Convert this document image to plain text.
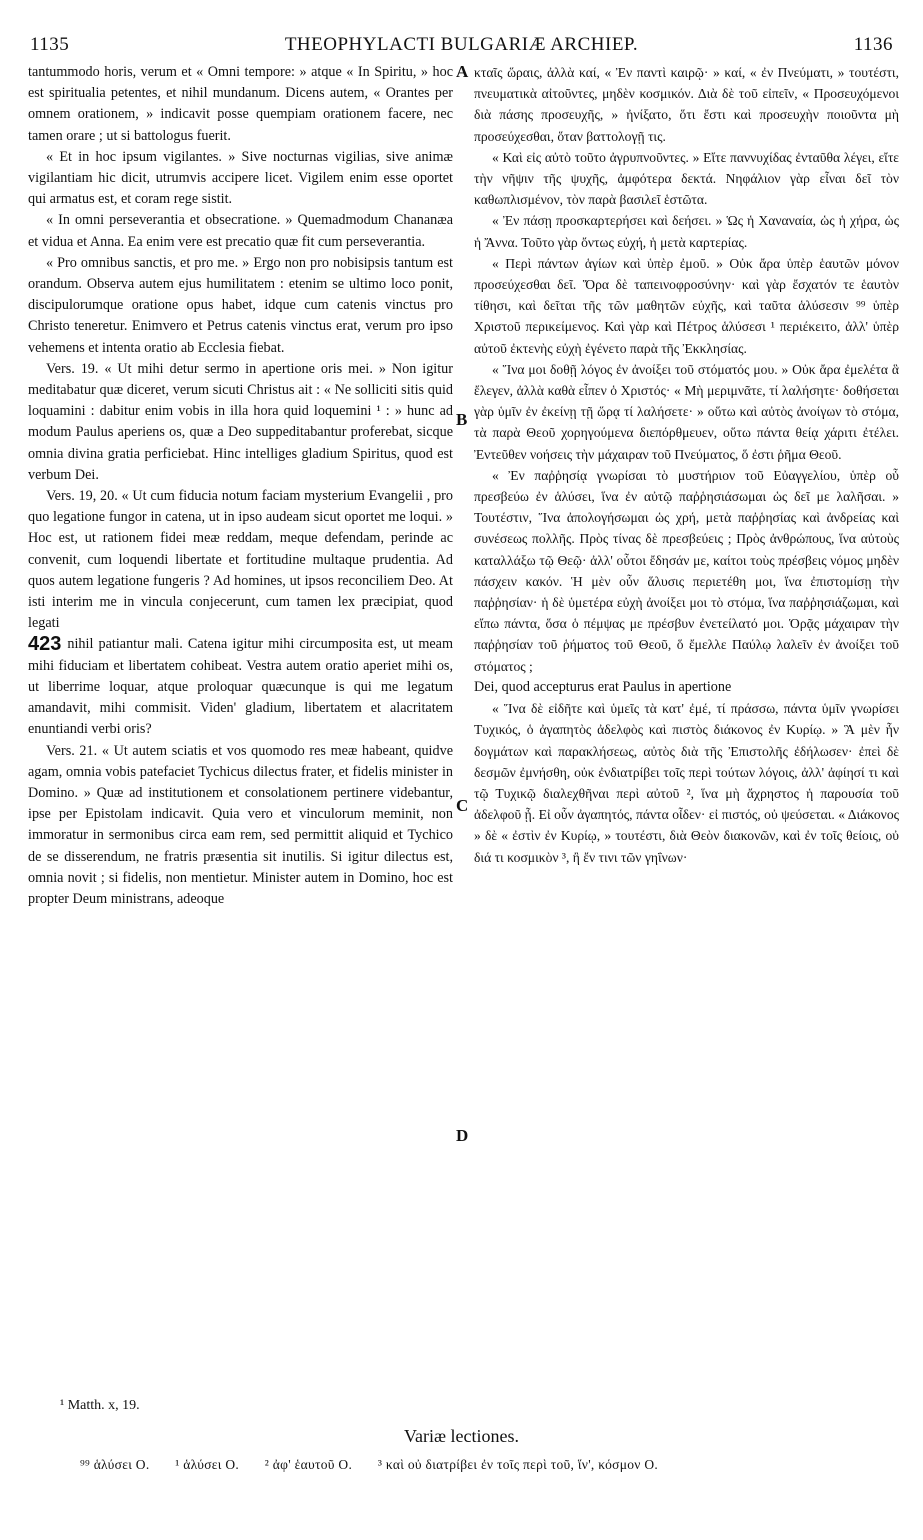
1135	THEOPHYLACTI BULGARIÆ ARCHIEP.	1136

tantummodo horis, verum et « Omni tempore: » atque « In Spiritu, » hoc est spiritualia petentes, et nihil mundanum. Dicens autem, « Orantes per omnem orationem, » indicavit posse quempiam orationem facere, nec tamen orare ; ut si battologus fuerit.

« Et in hoc ipsum vigilantes. » Sive nocturnas vigilias, sive animæ vigilantiam hic dicit, utrumvis accipere licet. Vigilem enim esse oportet qui armatus est, et coram rege sistit.

« In omni perseverantia et obsecratione. » Quemadmodum Chananæa et vidua et Anna. Ea enim vere est precatio quæ fit cum perseverantia.

« Pro omnibus sanctis, et pro me. » Ergo non pro nobisipsis tantum est orandum. Observa autem ejus humilitatem : etenim se ultimo loco ponit, discipulorumque oratione opus habet, idque cum catenis vinctus pro Christo teneretur. Enimvero et Petrus catenis vinctus erat, verum pro ipso vehemens et intenta oratio ab Ecclesia fiebat.

Vers. 19. « Ut mihi detur sermo in apertione oris mei. » Non igitur meditabatur quæ diceret, verum sicuti Christus ait : « Ne solliciti sitis quid loquamini : dabitur enim vobis in illa hora quid loquemini ¹ : » hunc ad modum Paulus aperiens os, quæ a Deo suppeditabantur proferebat, sicque omnia divina gratia perficiebat. Hinc intelliges gladium Spiritus, quod est verbum Dei.

Vers. 19, 20. « Ut cum fiducia notum faciam mysterium Evangelii , pro quo legatione fungor in catena, ut in ipso audeam sicut oportet me loqui. » Hoc est, ut rationem fidei meæ reddam, meque defendam, perinde ac convenit, cum loquendi libertate et fortitudine multaque prudentia. Ad quos autem legatione fungeris ? Ad homines, ut ipsos reconciliem Deo. At isti interim me in vincula conjecerunt, cum tamen lex præcipiat, quod legati

423 nihil patiantur mali. Catena igitur mihi circumposita est, ut meam mihi fiduciam et libertatem cohibeat. Vestra autem oratio aperiet mihi os, ut liberrime loquar, atque proloquar quæcunque is qui me legatum amandavit, mihi commisit. Viden' gladium, libertatem et alacritatem enuntiandi verbi oris?

Vers. 21. « Ut autem sciatis et vos quomodo res meæ habeant, quidve agam, omnia vobis patefaciet Tychicus dilectus frater, et fidelis minister in Domino. » Quæ ad institutionem et consolationem pertinere videbantur, ipse per Epistolam indicavit. Quia vero et vinculorum meminit, non immoratur in sermonibus circa eam rem, sed permittit aliquid et Tychico de se disserendum, ne fratris præsentia sit inutilis. Si igitur dilectus est, omnia novit ; si fidelis, non mentietur. Minister autem in Domino, hoc est propter Deum ministrans, adeoque

A
B
C
D

κταῖς ὥραις, ἀλλὰ καί, « Ἐν παντὶ καιρῷ· » καί, « ἐν Πνεύματι, » τουτέστι, πνευματικὰ αἰτοῦντες, μηδὲν κοσμικόν. Διὰ δὲ τοῦ εἰπεῖν, « Προσευχόμενοι διὰ πάσης προσευχῆς, » ἠνίξατο, ὅτι ἔστι καὶ προσευχὴν ποιοῦντα μὴ προσεύχεσθαι, ὅταν βαττολογῇ τις.

« Καὶ εἰς αὐτὸ τοῦτο ἀγρυπνοῦντες. » Εἴτε παννυχίδας ἐνταῦθα λέγει, εἴτε τὴν νῆψιν τῆς ψυχῆς, ἀμφότερα δεκτά. Νηφάλιον γὰρ εἶναι δεῖ τὸν καθωπλισμένον, τὸν παρὰ βασιλεῖ ἑστῶτα.

« Ἐν πάσῃ προσκαρτερήσει καὶ δεήσει. » Ὡς ἡ Χαναναία, ὡς ἡ χήρα, ὡς ἡ Ἄννα. Τοῦτο γὰρ ὄντως εὐχή, ἡ μετὰ καρτερίας.

« Περὶ πάντων ἁγίων καὶ ὑπὲρ ἐμοῦ. » Οὐκ ἄρα ὑπὲρ ἑαυτῶν μόνον προσεύχεσθαι δεῖ. Ὅρα δὲ ταπεινοφροσύνην· καὶ γὰρ ἔσχατόν τε ἑαυτὸν τίθησι, καὶ δεῖται τῆς τῶν μαθητῶν εὐχῆς, καὶ ταῦτα ἁλύσεσιν ⁹⁹ ὑπὲρ Χριστοῦ περικείμενος. Καὶ γὰρ καὶ Πέτρος ἁλύσεσι ¹ περιέκειτο, ἀλλ' ὑπὲρ αὐτοῦ ἐκτενὴς εὐχὴ ἐγένετο παρὰ τῆς Ἐκκλησίας.

« Ἵνα μοι δοθῇ λόγος ἐν ἀνοίξει τοῦ στόματός μου. » Οὐκ ἄρα ἐμελέτα ἃ ἔλεγεν, ἀλλὰ καθὰ εἶπεν ὁ Χριστός· « Μὴ μεριμνᾶτε, τί λαλήσητε· δοθήσεται γὰρ ὑμῖν ἐν ἐκείνῃ τῇ ὥρᾳ τί λαλήσετε· » οὕτω καὶ αὐτὸς ἀνοίγων τὸ στόμα, τὰ παρὰ Θεοῦ χορηγούμενα διεπόρθμευεν, οὕτω πάντα θείᾳ χάριτι ἐτέλει. Ἐντεῦθεν νοήσεις τὴν μάχαιραν τοῦ Πνεύματος, ὅ ἐστι ῥῆμα Θεοῦ.

« Ἐν παῤῥησίᾳ γνωρίσαι τὸ μυστήριον τοῦ Εὐαγγελίου, ὑπὲρ οὗ πρεσβεύω ἐν ἁλύσει, ἵνα ἐν αὐτῷ παῤῥησιάσωμαι ὡς δεῖ με λαλῆσαι. » Τουτέστιν, Ἵνα ἀπολογήσωμαι ὡς χρή, μετὰ παῤῥησίας καὶ ἀνδρείας καὶ συνέσεως πολλῆς. Πρὸς τίνας δὲ πρεσβεύεις ; Πρὸς ἀνθρώπους, ἵνα αὐτοὺς καταλλάξω τῷ Θεῷ· ἀλλ' οὗτοι ἔδησάν με, καίτοι τοὺς πρέσβεις νόμος μηδὲν πάσχειν κακόν. Ἡ μὲν οὖν ἅλυσις περιετέθη μοι, ἵνα ἐπιστομίσῃ τὴν παῤῥησίαν· ἡ δὲ ὑμετέρα εὐχὴ ἀνοίξει μοι τὸ στόμα, ἵνα παῤῥησιάζωμαι, καὶ εἴπω πάντα, ὅσα ὁ πέμψας με πρέσβυν ἐνετείλατό μοι. Ὁρᾷς μάχαιραν τὴν παῤῥησίαν τοῦ ῥήματος τοῦ Θεοῦ, ὅ ἔμελλε Παύλῳ λαλεῖν ἐν ἀνοίξει τοῦ στόματος ;

Dei, quod accepturus erat Paulus in apertione

« Ἵνα δὲ εἰδῆτε καὶ ὑμεῖς τὰ κατ' ἐμέ, τί πράσσω, πάντα ὑμῖν γνωρίσει Τυχικός, ὁ ἀγαπητὸς ἀδελφὸς καὶ πιστὸς διάκονος ἐν Κυρίῳ. » Ἃ μὲν ἦν δογμάτων καὶ παρακλήσεως, αὐτὸς διὰ τῆς Ἐπιστολῆς ἐδήλωσεν· ἐπεὶ δὲ δεσμῶν ἐμνήσθη, οὐκ ἐνδιατρίβει τοῖς περὶ τούτων λόγοις, ἀλλ' ἀφίησί τι καὶ τῷ Τυχικῷ διαλεχθῆναι περὶ αὐτοῦ ², ἵνα μὴ ἄχρηστος ἡ παρουσία τοῦ ἀδελφοῦ ᾖ. Εἰ οὖν ἀγαπητός, πάντα οἶδεν· εἰ πιστός, οὐ ψεύσεται. « Διάκονος » δὲ « ἐστὶν ἐν Κυρίῳ, » τουτέστι, διὰ Θεὸν διακονῶν, καὶ ἐν τοῖς θείοις, οὐ διά τι κοσμικὸν ³, ἢ ἔν τινι τῶν γηΐνων·

¹ Matth. x, 19.
Variæ lectiones.
⁹⁹ ἁλύσει O. ¹ ἁλύσει O. ² ἀφ' ἑαυτοῦ O. ³ καὶ οὐ διατρίβει ἐν τοῖς περὶ τοῦ, ἵν', κόσμον O.
